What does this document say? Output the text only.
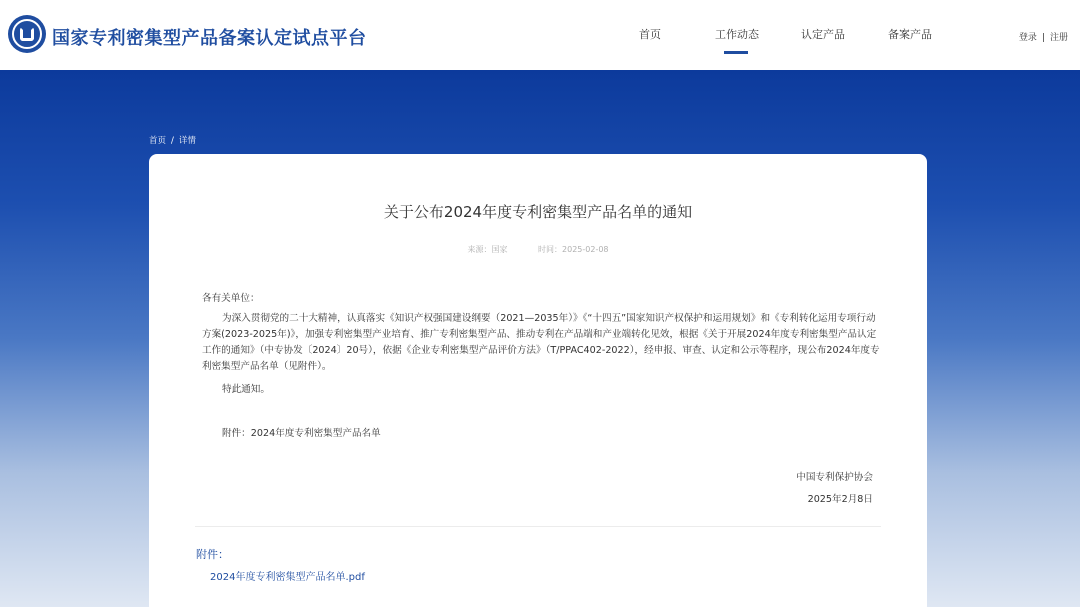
国家专利密集型产品备案认定试点平台	首页	工作动态	认定产品	备案产品	登录 | 注册
首页 / 详情
关于公布2024年度专利密集型产品名单的通知
来源：国家	时间：2025-02-08
各有关单位：
为深入贯彻党的二十大精神，认真落实《知识产权强国建设纲要（2021—2035年）》《“十四五”国家知识产权保护和运用规划》和《专利转化运用专项行动方案(2023-2025年)》，加强专利密集型产业培育、推广专利密集型产品、推动专利在产品端和产业端转化见效，根据《关于开展2024年度专利密集型产品认定工作的通知》（中专协发〔2024〕20号），依据《企业专利密集型产品评价方法》（T/PPAC402-2022），经申报、审查、认定和公示等程序，现公布2024年度专利密集型产品名单（见附件）。
特此通知。
附件：2024年度专利密集型产品名单
中国专利保护协会
2025年2月8日
附件：
2024年度专利密集型产品名单.pdf
